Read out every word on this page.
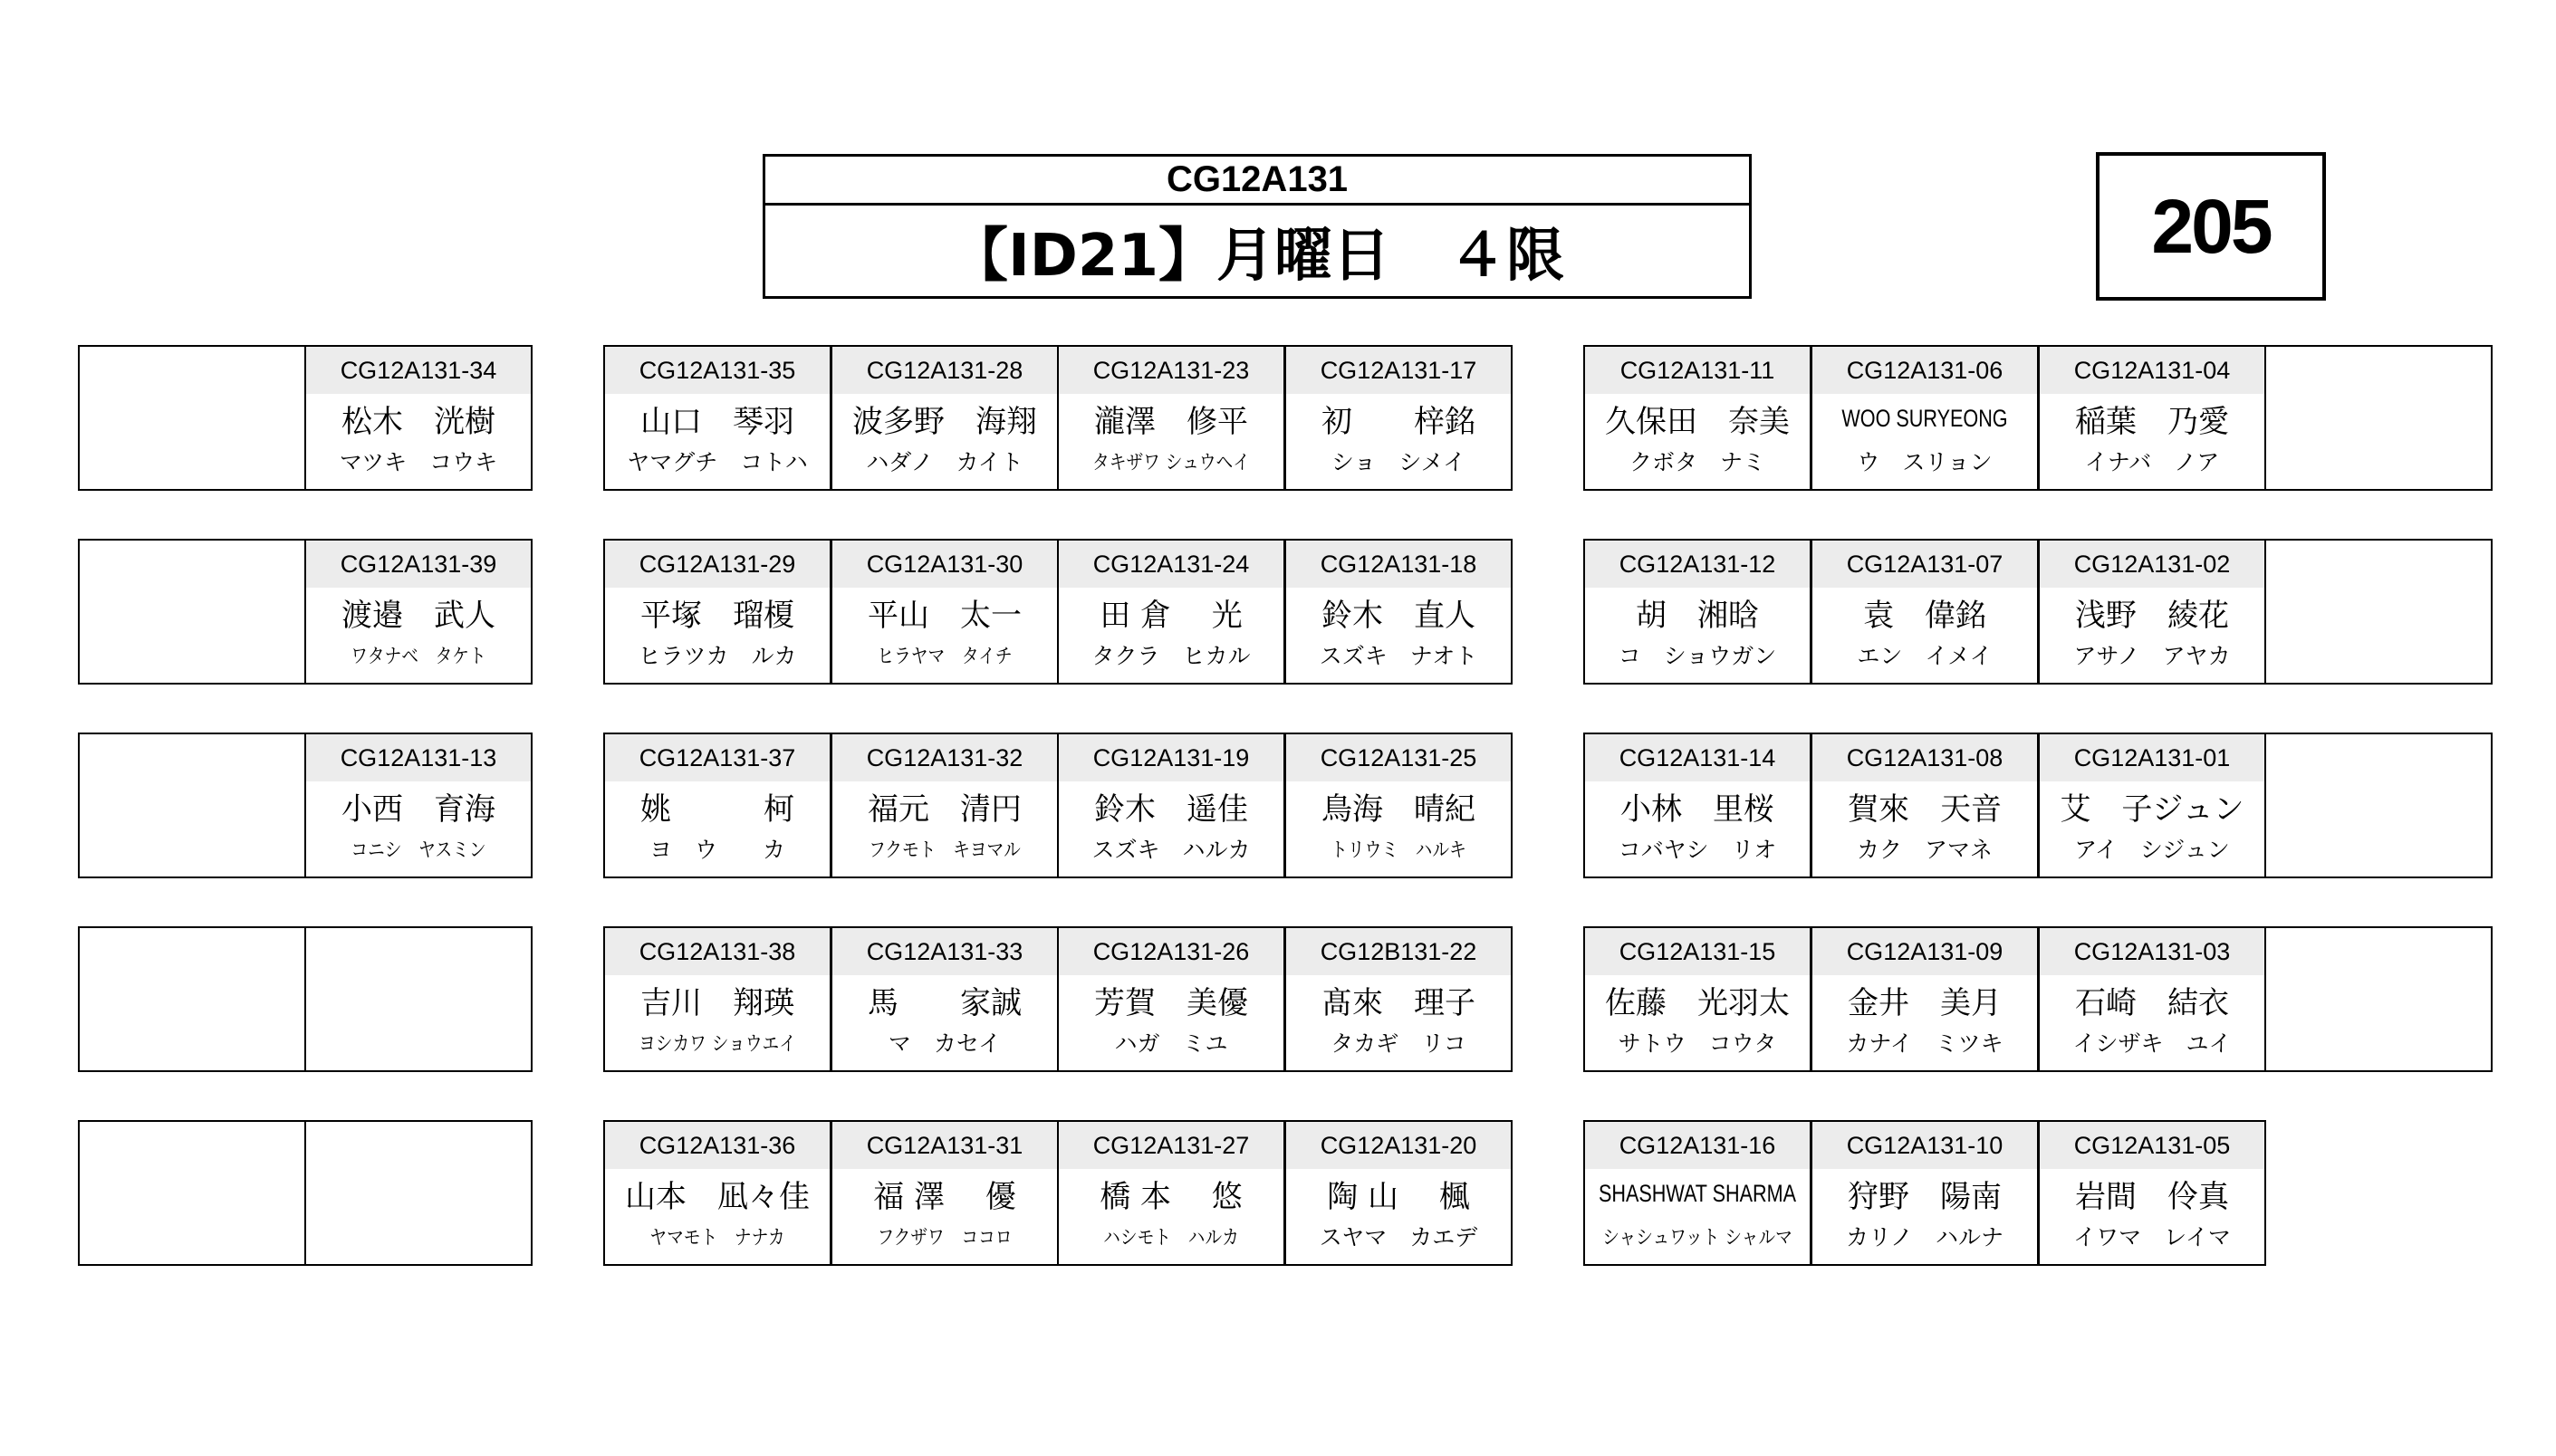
CG12A131
【ID21】月曜日　４限	205
CG12A131-34
松木　洸樹
マツキ　コウキ
CG12A131-35
山口　琴羽
ヤマグチ　コトハ
CG12A131-28
波多野　海翔
ハダノ　カイト
CG12A131-23
瀧澤　修平
タキザワ シュウヘイ
CG12A131-17
初　　梓銘
ショ　シメイ
CG12A131-11
久保田　奈美
クボタ　ナミ
CG12A131-06
WOO SURYEONG
ウ　スリョン
CG12A131-04
稲葉　乃愛
イナバ　ノア
CG12A131-39
渡邉　武人
ワタナベ　タケト
CG12A131-29
平塚　瑠榎
ヒラツカ　ルカ
CG12A131-30
平山　太一
ヒラヤマ　タイチ
CG12A131-24
田 倉　 光
タクラ　ヒカル
CG12A131-18
鈴木　直人
スズキ　ナオト
CG12A131-12
胡　湘晗
コ　ショウガン
CG12A131-07
袁　偉銘
エン　イメイ
CG12A131-02
浅野　綾花
アサノ　アヤカ
CG12A131-13
小西　育海
コニシ　ヤスミン
CG12A131-37
姚　　　柯
ヨ　ウ　　カ
CG12A131-32
福元　清円
フクモト　キヨマル
CG12A131-19
鈴木　遥佳
スズキ　ハルカ
CG12A131-25
鳥海　晴紀
トリウミ　ハルキ
CG12A131-14
小林　里桜
コバヤシ　リオ
CG12A131-08
賀來　天音
カク　アマネ
CG12A131-01
艾　子ジュン
アイ　シジュン
CG12A131-38
吉川　翔瑛
ヨシカワ ショウエイ
CG12A131-33
馬　　家誠
マ　カセイ
CG12A131-26
芳賀　美優
ハガ　ミユ
CG12B131-22
髙來　理子
タカギ　リコ
CG12A131-15
佐藤　光羽太
サトウ　コウタ
CG12A131-09
金井　美月
カナイ　ミツキ
CG12A131-03
石崎　結衣
イシザキ　ユイ
CG12A131-36
山本　凪々佳
ヤマモト　ナナカ
CG12A131-31
福 澤　 優
フクザワ　ココロ
CG12A131-27
橋 本　 悠
ハシモト　ハルカ
CG12A131-20
陶 山　 楓
スヤマ　カエデ
CG12A131-16
SHASHWAT SHARMA
シャシュワット シャルマ
CG12A131-10
狩野　陽南
カリノ　ハルナ
CG12A131-05
岩間　伶真
イワマ　レイマ
